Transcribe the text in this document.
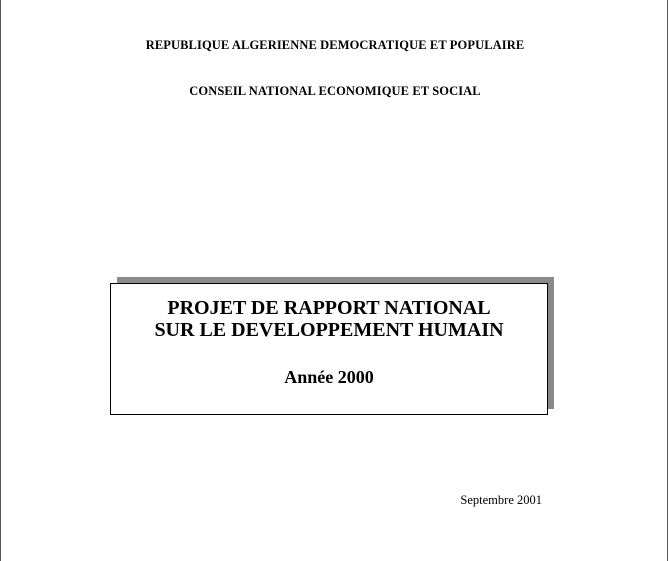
REPUBLIQUE ALGERIENNE DEMOCRATIQUE ET POPULAIRE
CONSEIL NATIONAL ECONOMIQUE ET SOCIAL
PROJET DE RAPPORT NATIONAL
SUR LE DEVELOPPEMENT HUMAIN
Année 2000
Septembre 2001
